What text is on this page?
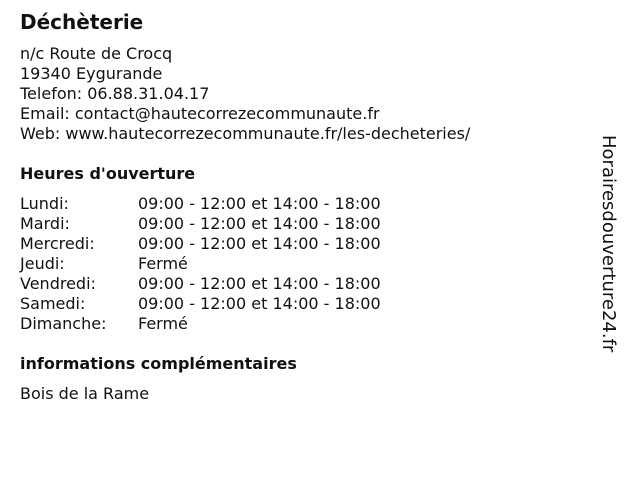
Déchèterie
n/c Route de Crocq
19340 Eygurande
Telefon: 06.88.31.04.17
Email: contact@hautecorrezecommunaute.fr
Web: www.hautecorrezecommunaute.fr/les-decheteries/
Heures d'ouverture
Lundi:	09:00 - 12:00 et 14:00 - 18:00
Mardi:	09:00 - 12:00 et 14:00 - 18:00
Mercredi:	09:00 - 12:00 et 14:00 - 18:00
Jeudi:	Fermé
Vendredi:	09:00 - 12:00 et 14:00 - 18:00
Samedi:	09:00 - 12:00 et 14:00 - 18:00
Dimanche: Fermé
informations complémentaires
Bois de la Rame
Horairesdouverture24.fr
